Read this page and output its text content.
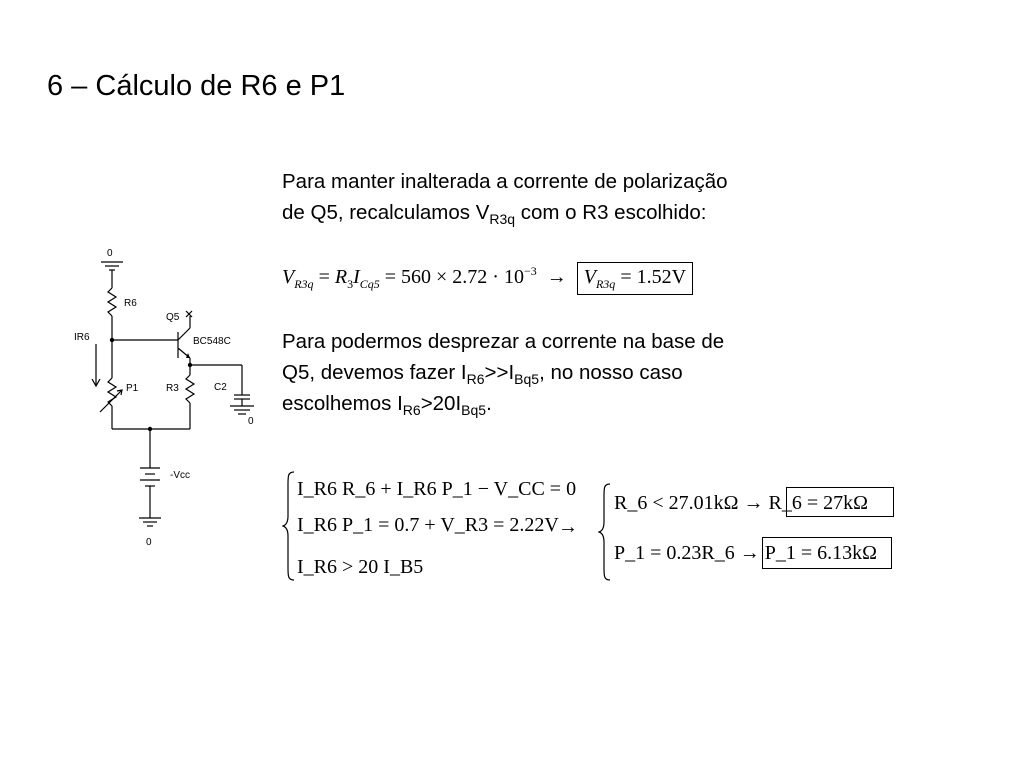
6 – Cálculo de R6 e P1
0
R6
Q5
BC548C
IR6
P1	R3	C2
0
-Vcc
0
Para manter inalterada a corrente de polarização
de Q5, recalculamos $V_{R3q}$ com o R3 escolhido:
$V_{R3q} = R_3I_{Cq5} = 560 \times 2.72 \cdot 10^{-3} \to V_{R3q} = 1.52V$
Para podermos desprezar a corrente na base de
Q5, devemos fazer $I_{R6}>>I_{Bq5}$, no nosso caso
escolhemos $I_{R6}>20I_{Bq5}$.
I_R6 R_6 + I_R6 P_1 − V_CC = 0
I_R6 P_1 = 0.7 + V_R3 = 2.22V
I_R6 > 20 I_B5
→
R_6 < 27.01kΩ → R_6 = 27kΩ
P_1 = 0.23R_6 → P_1 = 6.13kΩ
